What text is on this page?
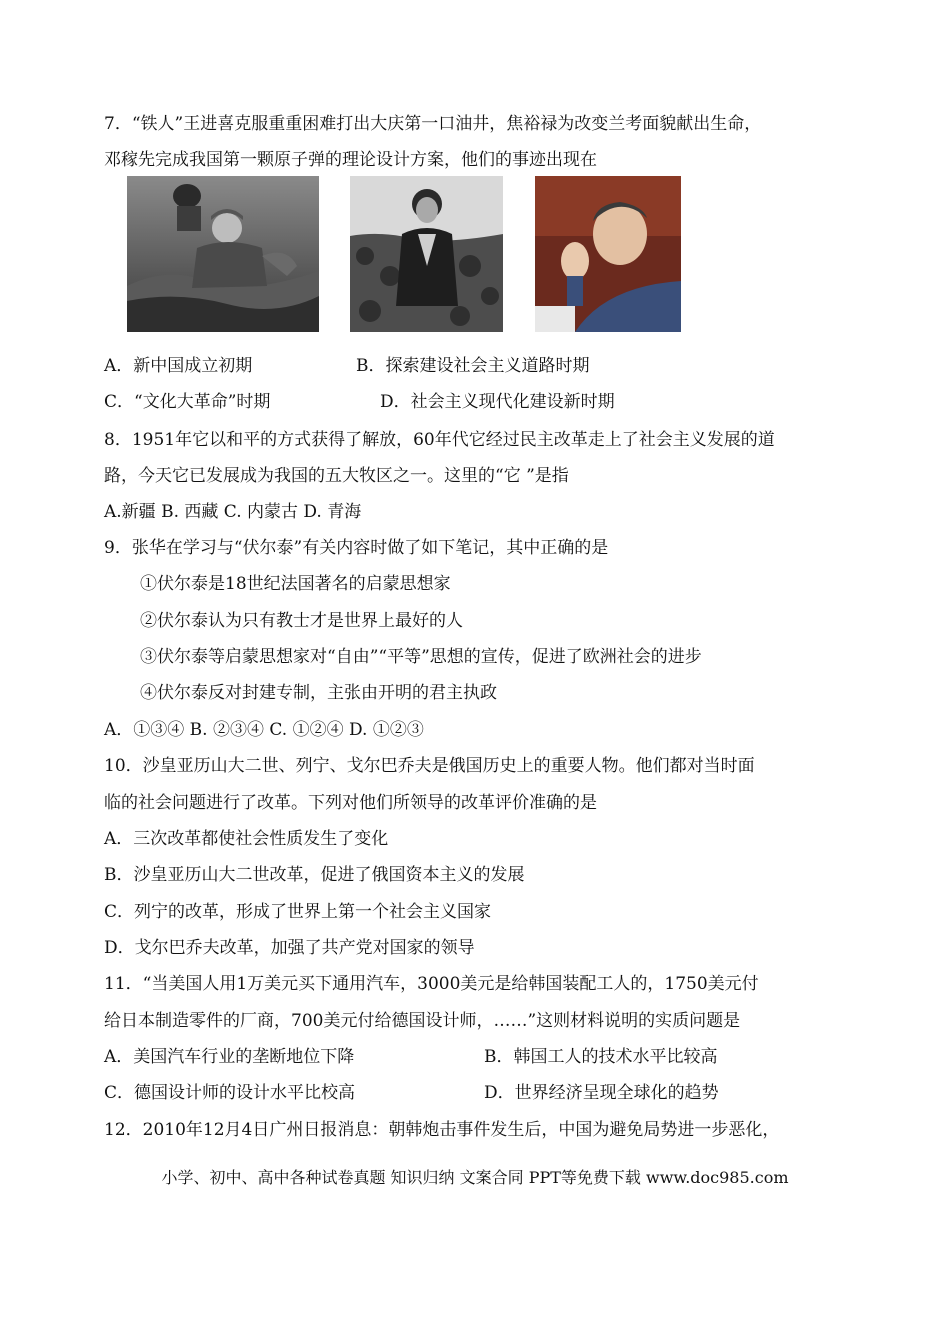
7．“铁人”王进喜克服重重困难打出大庆第一口油井，焦裕禄为改变兰考面貌献出生命，
邓稼先完成我国第一颗原子弹的理论设计方案，他们的事迹出现在
A．新中国成立初期	B．探索建设社会主义道路时期
C．“文化大革命”时期	D．社会主义现代化建设新时期
8．1951年它以和平的方式获得了解放，60年代它经过民主改革走上了社会主义发展的道
路，今天它已发展成为我国的五大牧区之一。这里的“它 ”是指
A.新疆 B. 西藏 C. 内蒙古 D. 青海
9．张华在学习与“伏尔泰”有关内容时做了如下笔记，其中正确的是
①伏尔泰是18世纪法国著名的启蒙思想家
②伏尔泰认为只有教士才是世界上最好的人
③伏尔泰等启蒙思想家对“自由”“平等”思想的宣传，促进了欧洲社会的进步
④伏尔泰反对封建专制，主张由开明的君主执政
A．①③④ B. ②③④ C. ①②④ D. ①②③
10．沙皇亚历山大二世、列宁、戈尔巴乔夫是俄国历史上的重要人物。他们都对当时面
临的社会问题进行了改革。下列对他们所领导的改革评价准确的是
A．三次改革都使社会性质发生了变化
B．沙皇亚历山大二世改革，促进了俄国资本主义的发展
C．列宁的改革，形成了世界上第一个社会主义国家
D．戈尔巴乔夫改革，加强了共产党对国家的领导
11．“当美国人用1万美元买下通用汽车，3000美元是给韩国装配工人的，1750美元付
给日本制造零件的厂商，700美元付给德国设计师，……”这则材料说明的实质问题是
A．美国汽车行业的垄断地位下降	B．韩国工人的技术水平比较高
C．德国设计师的设计水平比校高	D．世界经济呈现全球化的趋势
12．2010年12月4日广州日报消息：朝韩炮击事件发生后，中国为避免局势进一步恶化，
小学、初中、高中各种试卷真题 知识归纳 文案合同 PPT等免费下载 www.doc985.com
